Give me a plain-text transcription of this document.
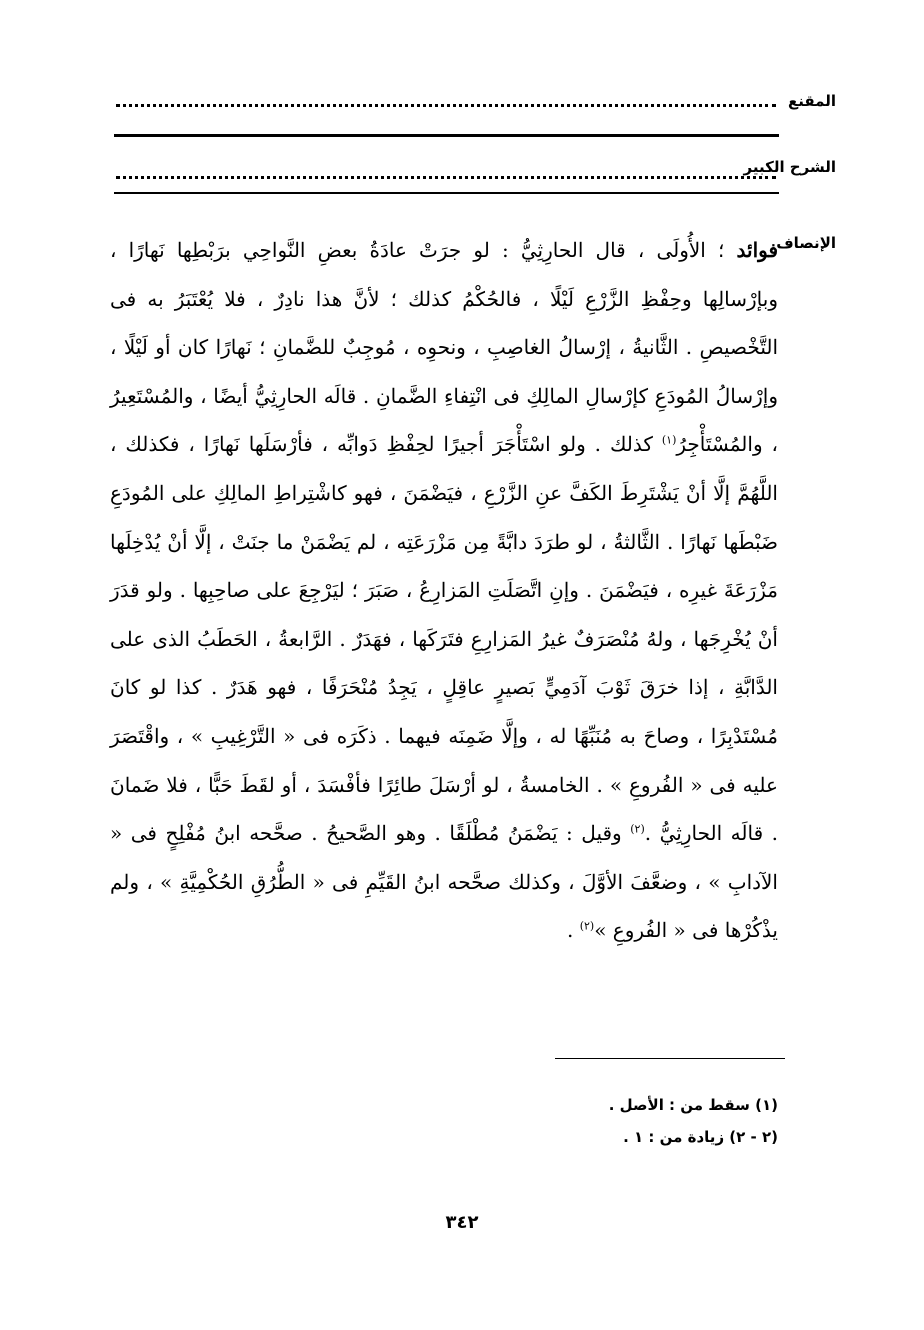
المقنع
الشرح الكبير
الإنصاف
فوائد ؛ الأُولَى ، قال الحارِثِيُّ : لو جرَتْ عادَةُ بعضِ النَّواحِي برَبْطِها نَهارًا ، وبإرْسالِها وحِفْظِ الزَّرْعِ لَيْلًا ، فالحُكْمُ كذلك ؛ لأنَّ هذا نادِرٌ ، فلا يُعْتَبَرُ به فى التَّخْصيصِ . الثَّانيةُ ، إرْسالُ الغاصِبِ ، ونحوِه ، مُوجِبٌ للضَّمانِ ؛ نَهارًا كان أو لَيْلًا ، وإرْسالُ المُودَعِ كإرْسالِ المالِكِ فى انْتِفاءِ الضَّمانِ . قالَه الحارِثِيُّ أيضًا ، والمُسْتَعِيرُ ، والمُسْتَأْجِرُ$^{(١)}$ كذلك . ولو اسْتَأْجَرَ أجيرًا لحِفْظِ دَوابِّه ، فأرْسَلَها نَهارًا ، فكذلك ، اللَّهُمَّ إلَّا أنْ يَشْتَرِطَ الكَفَّ عنِ الزَّرْعِ ، فيَضْمَنَ ، فهو كاشْتِراطِ المالِكِ على المُودَعِ ضَبْطَها نَهارًا . الثَّالثةُ ، لو طرَدَ دابَّةً مِن مَزْرَعَتِه ، لم يَضْمَنْ ما جنَتْ ، إلَّا أنْ يُدْخِلَها مَزْرَعَةَ غيرِه ، فيَضْمَنَ . وإنِ اتَّصَلَتِ المَزارِعُ ، صَبَرَ ؛ ليَرْجِعَ على صاحِبِها . ولو قدَرَ أنْ يُخْرِجَها ، ولهُ مُنْصَرَفٌ غيرُ المَزارِعِ فتَرَكَها ، فهَدَرٌ . الرَّابعةُ ، الحَطَبُ الذى على الدَّابَّةِ ، إذا خرَقَ ثَوْبَ آدَمِيٍّ بَصيرٍ عاقِلٍ ، يَجِدُ مُنْحَرَفًا ، فهو هَدَرٌ . كذا لو كانَ مُسْتَدْبِرًا ، وصاحَ به مُنَبِّهًا له ، وإلَّا ضَمِنَه فيهما . ذكَرَه فى « التَّرْغِيبِ » ، واقْتَصَرَ عليه فى « الفُروعِ » . الخامسةُ ، لو أرْسَلَ طائِرًا فأفْسَدَ ، أو لقَطَ حَبًّا ، فلا ضَمانَ . قالَه الحارِثِيُّ .$^{(٢)}$ وقيل : يَضْمَنُ مُطْلَقًا . وهو الصَّحيحُ . صحَّحه ابنُ مُفْلِحٍ فى « الآدابِ » ، وضعَّفَ الأوَّلَ ، وكذلك صحَّحه ابنُ القَيِّمِ فى « الطُّرُقِ الحُكْمِيَّةِ » ، ولم يذْكُرْها فى « الفُروعِ »$^{(٢)}$ .
(١) سقط من : الأصل .
(٢ - ٢) زيادة من : ١ .
٣٤٢
